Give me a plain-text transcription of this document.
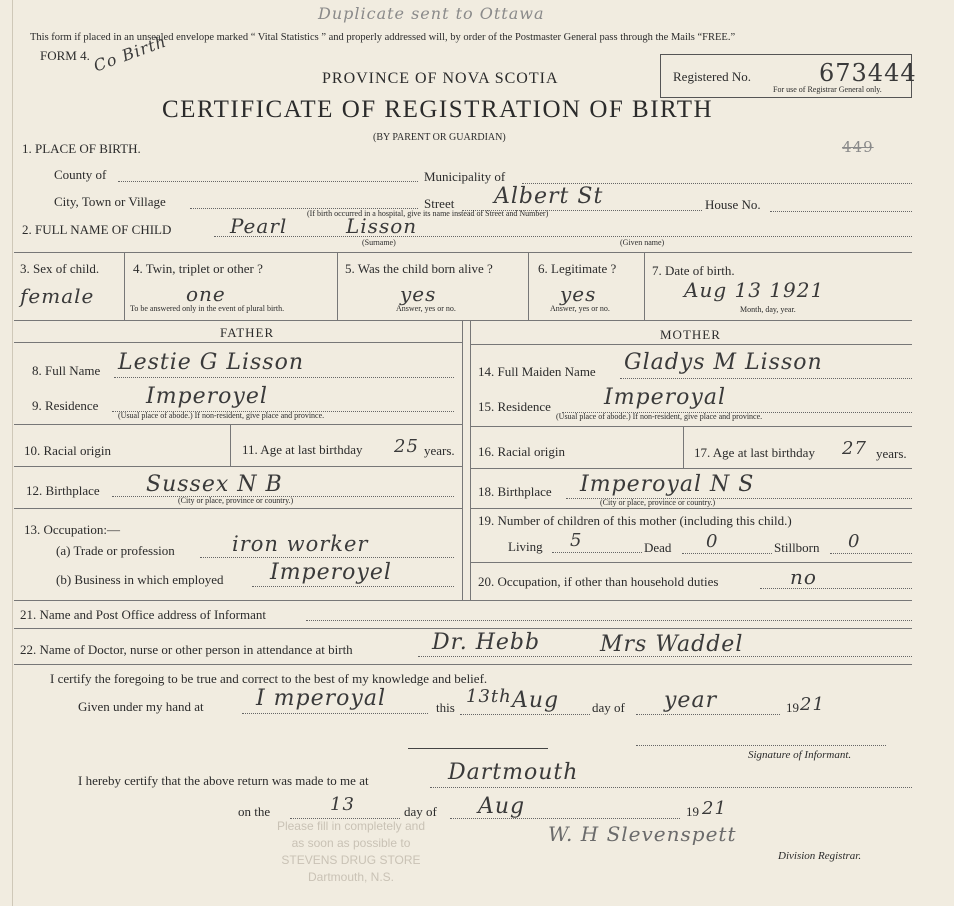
This form if placed in an unsealed envelope marked “ Vital Statistics ” and properly addressed will, by order of the Postmaster General pass through the Mails “FREE.”
Duplicate sent to Ottawa
FORM 4. Co Birth
PROVINCE OF NOVA SCOTIA
CERTIFICATE OF REGISTRATION OF BIRTH
(BY PARENT OR GUARDIAN)
Registered No.	673444
For use of Registrar General only.
449
1. PLACE OF BIRTH.
County of	Municipality of
City, Town or Village	Street Albert St	House No.
(If birth occurred in a hospital, give its name instead of Street and Number)
2. FULL NAME OF CHILD	Pearl	Lisson
(Surname)	(Given name)
3. Sex of child.
female
4. Twin, triplet or other ?
one
To be answered only in the event of plural birth.
5. Was the child born alive ?
yes
Answer, yes or no.
6. Legitimate ?
yes
Answer, yes or no.
7. Date of birth.
Aug 13 1921
Month, day, year.
FATHER	MOTHER
8. Full Name Lestie G Lisson
9. Residence Imperoyel
(Usual place of abode.) If non-resident, give place and province.
10. Racial origin	11. Age at last birthday 25 years.
12. Birthplace Sussex N B
(City or place, province or country.)
13. Occupation:—
(a) Trade or profession	iron worker
(b) Business in which employed Imperoyel
14. Full Maiden Name Gladys M Lisson
15. Residence Imperoyal
(Usual place of abode.) If non-resident, give place and province.
16. Racial origin	17. Age at last birthday 27 years.
18. Birthplace Imperoyal N S
(City or place, province or country.)
19. Number of children of this mother (including this child.)
Living 5	Dead 0	Stillborn 0
20. Occupation, if other than household duties	no
21. Name and Post Office address of Informant
22. Name of Doctor, nurse or other person in attendance at birth	Dr. Hebb	Mrs Waddel
I certify the foregoing to be true and correct to the best of my knowledge and belief.
Given under my hand at I mperoyal	this
13th Aug	day of year	19 21
Signature of Informant.
I hereby certify that the above return was made to me at	Dartmouth
on the	13	day of Aug	19 21
W. H Slevenspett
Division Registrar.
Please fill in completely and
as soon as possible to
STEVENS DRUG STORE
Dartmouth, N.S.
